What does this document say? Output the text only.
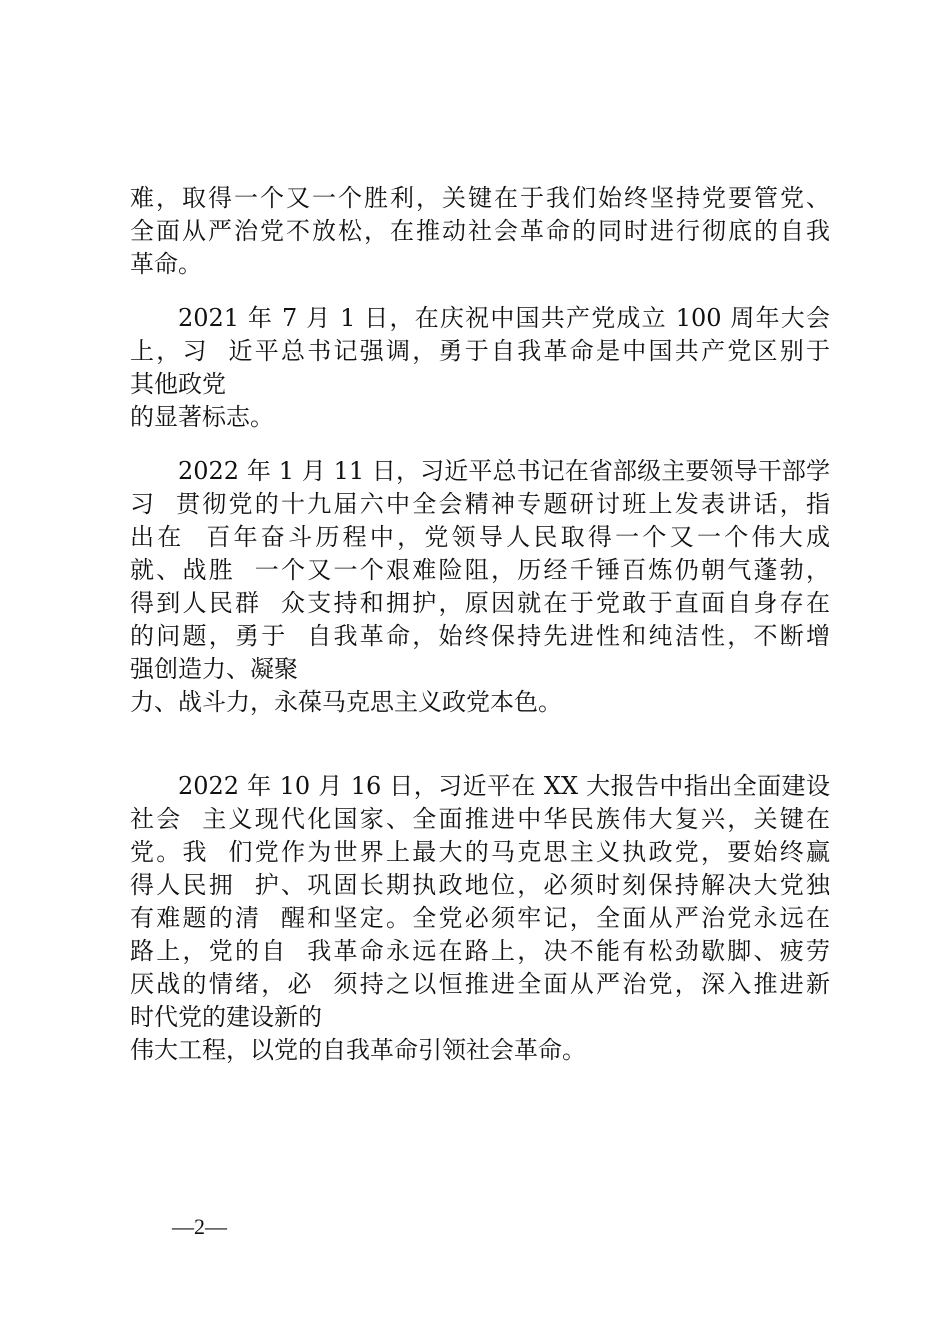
难，取得一个又一个胜利，关键在于我们始终坚持党要管党、
全面从严治党不放松，在推动社会革命的同时进行彻底的自我
革命。
2021 年 7 月 1 日，在庆祝中国共产党成立 100 周年大会
上，习  近平总书记强调，勇于自我革命是中国共产党区别于
其他政党
的显著标志。
2022 年 1 月 11 日，习近平总书记在省部级主要领导干部学
习  贯彻党的十九届六中全会精神专题研讨班上发表讲话，指
出在  百年奋斗历程中，党领导人民取得一个又一个伟大成
就、战胜  一个又一个艰难险阻，历经千锤百炼仍朝气蓬勃，
得到人民群  众支持和拥护，原因就在于党敢于直面自身存在
的问题，勇于  自我革命，始终保持先进性和纯洁性，不断增
强创造力、凝聚
力、战斗力，永葆马克思主义政党本色。
2022 年 10 月 16 日，习近平在 XX 大报告中指出全面建设
社会  主义现代化国家、全面推进中华民族伟大复兴，关键在
党。我  们党作为世界上最大的马克思主义执政党，要始终赢
得人民拥  护、巩固长期执政地位，必须时刻保持解决大党独
有难题的清  醒和坚定。全党必须牢记，全面从严治党永远在
路上，党的自  我革命永远在路上，决不能有松劲歇脚、疲劳
厌战的情绪，必  须持之以恒推进全面从严治党，深入推进新
时代党的建设新的
伟大工程，以党的自我革命引领社会革命。
—2—
